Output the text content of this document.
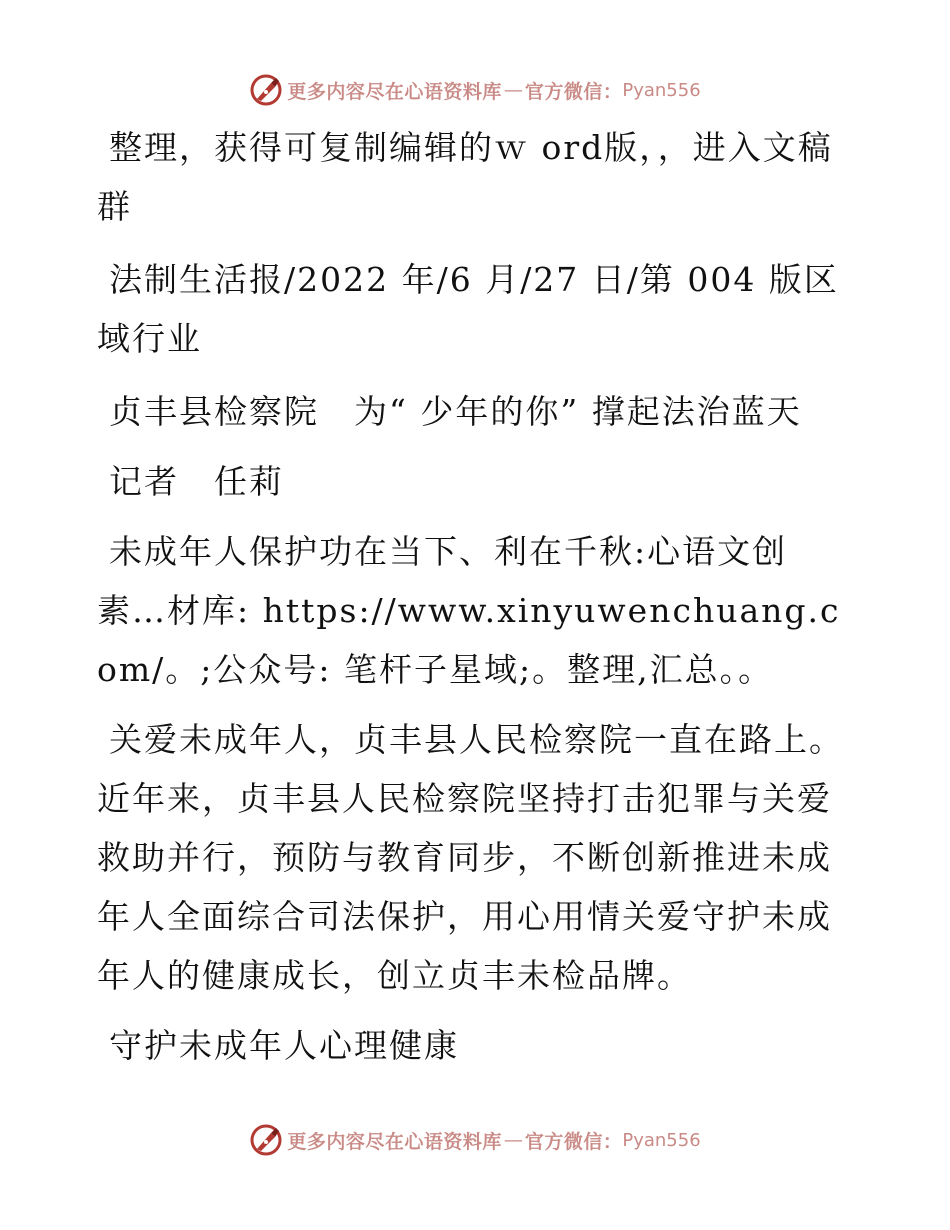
更多内容尽在心语资料库 — 官方微信： Pyan556

整理，获得可复制编辑的ｗ ord版，，进入文稿群

法制生活报/2022 年/6 月/27 日/第 004 版区域行业

贞丰县检察院　为“ 少年的你” 撑起法治蓝天

记者　任莉

未成年人保护功在当下、利在千秋:心语文创素…材库: https://www.xinyuwenchuang.com/。;公众号: 笔杆子星域;。整理,汇总。。

关爱未成年人，贞丰县人民检察院一直在路上。近年来，贞丰县人民检察院坚持打击犯罪与关爱救助并行，预防与教育同步，不断创新推进未成年人全面综合司法保护，用心用情关爱守护未成年人的健康成长，创立贞丰未检品牌。

守护未成年人心理健康

更多内容尽在心语资料库 — 官方微信： Pyan556
